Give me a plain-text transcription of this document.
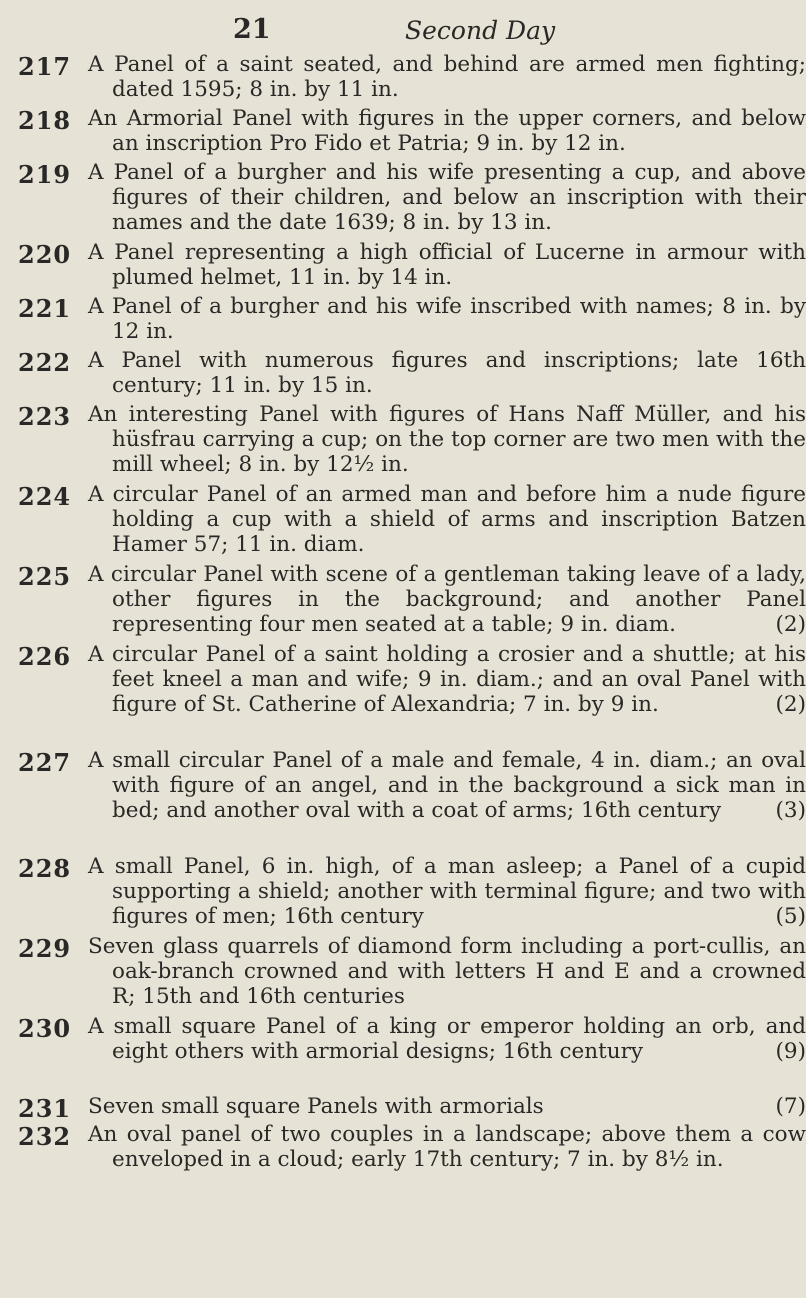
21	Second Day
217 A Panel of a saint seated, and behind are armed men fighting; dated 1595; 8 in. by 11 in.
218 An Armorial Panel with figures in the upper corners, and below an inscription Pro Fido et Patria; 9 in. by 12 in.
219 A Panel of a burgher and his wife presenting a cup, and above figures of their children, and below an inscription with their names and the date 1639; 8 in. by 13 in.
220 A Panel representing a high official of Lucerne in armour with plumed helmet, 11 in. by 14 in.
221 A Panel of a burgher and his wife inscribed with names; 8 in. by 12 in.
222 A Panel with numerous figures and inscriptions; late 16th century; 11 in. by 15 in.
223 An interesting Panel with figures of Hans Naff Müller, and his hüsfrau carrying a cup; on the top corner are two men with the mill wheel; 8 in. by 12½ in.
224 A circular Panel of an armed man and before him a nude figure holding a cup with a shield of arms and inscription Batzen Hamer 57; 11 in. diam.
225 A circular Panel with scene of a gentleman taking leave of a lady, other figures in the background; and another Panel representing four men seated at a table; 9 in. diam.	(2)
226 A circular Panel of a saint holding a crosier and a shuttle; at his feet kneel a man and wife; 9 in. diam.; and an oval Panel with figure of St. Catherine of Alexandria; 7 in. by 9 in.	(2)
227 A small circular Panel of a male and female, 4 in. diam.; an oval with figure of an angel, and in the background a sick man in bed; and another oval with a coat of arms; 16th century	(3)
228 A small Panel, 6 in. high, of a man asleep; a Panel of a cupid supporting a shield; another with terminal figure; and two with figures of men; 16th century	(5)
229 Seven glass quarrels of diamond form including a port-cullis, an oak-branch crowned and with letters H and E and a crowned R; 15th and 16th centuries
230 A small square Panel of a king or emperor holding an orb, and eight others with armorial designs; 16th century	(9)
231 Seven small square Panels with armorials	(7)
232 An oval panel of two couples in a landscape; above them a cow enveloped in a cloud; early 17th century; 7 in. by 8½ in.
